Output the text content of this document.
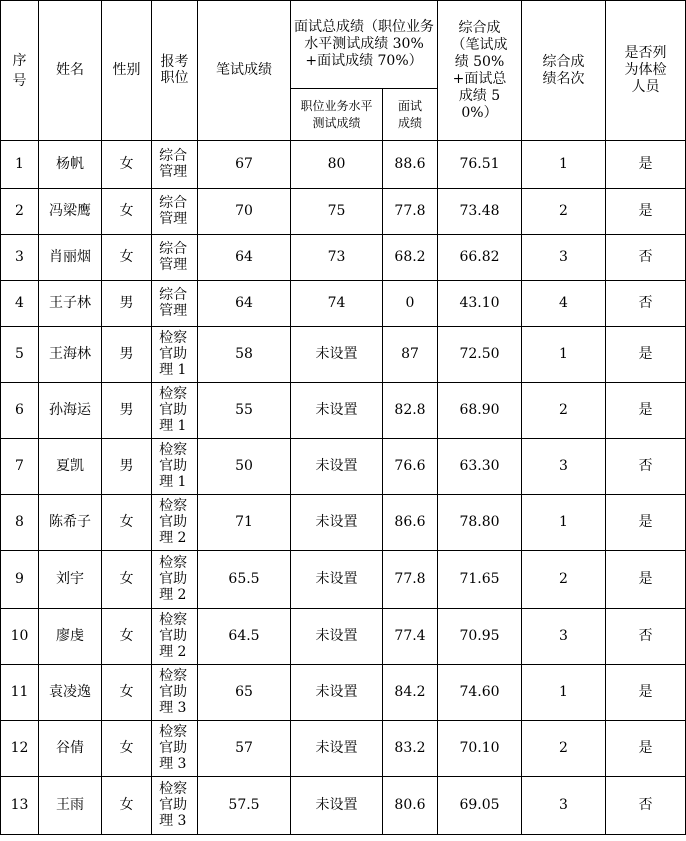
序号	姓名	性别	报考职位	笔试成绩	面试总成绩（职位业务水平测试成绩 30%+面试成绩 70%）		综合成（笔试成绩 50%+面试总成绩 50%）	综合成绩名次	是否列为体检人员
					职位业务水平测试成绩	面试成绩			
1	杨帆	女	综合管理	67	80	88.6	76.51	1	是
2	冯梁鹰	女	综合管理	70	75	77.8	73.48	2	是
3	肖丽烟	女	综合管理	64	73	68.2	66.82	3	否
4	王子林	男	综合管理	64	74	0	43.10	4	否
5	王海林	男	检察官助理 1	58	未设置	87	72.50	1	是
6	孙海运	男	检察官助理 1	55	未设置	82.8	68.90	2	是
7	夏凯	男	检察官助理 1	50	未设置	76.6	63.30	3	否
8	陈希子	女	检察官助理 2	71	未设置	86.6	78.80	1	是
9	刘宇	女	检察官助理 2	65.5	未设置	77.8	71.65	2	是
10	廖虔	女	检察官助理 2	64.5	未设置	77.4	70.95	3	否
11	袁凌逸	女	检察官助理 3	65	未设置	84.2	74.60	1	是
12	谷倩	女	检察官助理 3	57	未设置	83.2	70.10	2	是
13	王雨	女	检察官助理 3	57.5	未设置	80.6	69.05	3	否
